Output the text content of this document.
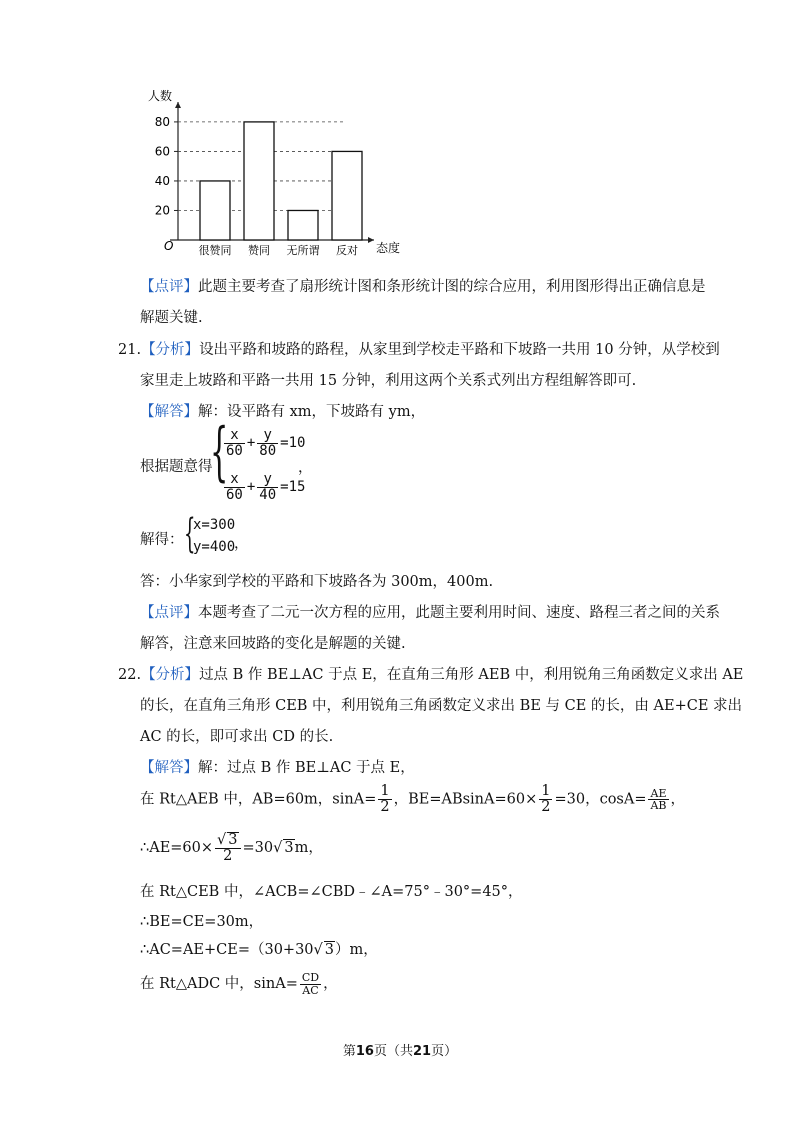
人数
态度
O
20
40
60
80
很赞同 赞同 无所谓 反对
【点评】此题主要考查了扇形统计图和条形统计图的综合应用，利用图形得出正确信息是
解题关键.
21.【分析】设出平路和坡路的路程，从家里到学校走平路和下坡路一共用 10 分钟，从学校到
家里走上坡路和平路一共用 15 分钟，利用这两个关系式列出方程组解答即可.
【解答】解：设平路有 xm，下坡路有 ym，
根据题意得
{
$\frac{x}{60} + \frac{y}{80} =10$
，
$\frac{x}{60} + \frac{y}{40} =15$
解得： {
x=300
y=400
，
答：小华家到学校的平路和下坡路各为 300m，400m.
【点评】本题考查了二元一次方程的应用，此题主要利用时间、速度、路程三者之间的关系
解答，注意来回坡路的变化是解题的关键.
22.【分析】过点 B 作 BE⊥AC 于点 E，在直角三角形 AEB 中，利用锐角三角函数定义求出 AE
的长，在直角三角形 CEB 中，利用锐角三角函数定义求出 BE 与 CE 的长，由 AE+CE 求出
AC 的长，即可求出 CD 的长.
【解答】解：过点 B 作 BE⊥AC 于点 E，
在 Rt△AEB 中，AB=60m，$\sin A= \frac{1}{2}$ ，$BE=ABsinA=60\times \frac{1}{2} =30$，$\cos A= \frac{AE}{AB}$ ，
∴AE=60× $\frac{√ 3}{2} =30√$ 3m，
在 Rt△CEB 中，∠ACB=∠CBD﹣∠A=75°﹣30°=45°，
∴BE=CE=30m，
∴AC=AE+CE=（30+30√ 3）m，
在 Rt△ADC 中，$\sin A= \frac{CD}{AC}$ ，
第16页（共21页）
